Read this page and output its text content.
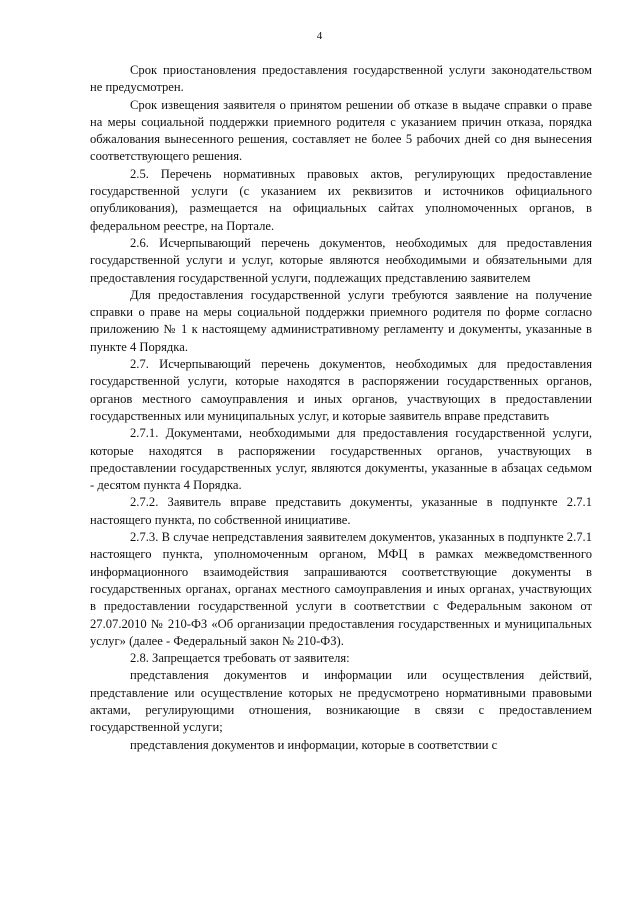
4

Срок приостановления предоставления государственной услуги законодательством не предусмотрен.

Срок извещения заявителя о принятом решении об отказе в выдаче справки о праве на меры социальной поддержки приемного родителя с указанием причин отказа, порядка обжалования вынесенного решения, составляет не более 5 рабочих дней со дня вынесения соответствующего решения.

2.5. Перечень нормативных правовых актов, регулирующих предоставление государственной услуги (с указанием их реквизитов и источников официального опубликования), размещается на официальных сайтах уполномоченных органов, в федеральном реестре, на Портале.

2.6. Исчерпывающий перечень документов, необходимых для предоставления государственной услуги и услуг, которые являются необходимыми и обязательными для предоставления государственной услуги, подлежащих представлению заявителем

Для предоставления государственной услуги требуются заявление на получение справки о праве на меры социальной поддержки приемного родителя по форме согласно приложению № 1 к настоящему административному регламенту и документы, указанные в пункте 4 Порядка.

2.7. Исчерпывающий перечень документов, необходимых для предоставления государственной услуги, которые находятся в распоряжении государственных органов, органов местного самоуправления и иных органов, участвующих в предоставлении государственных или муниципальных услуг, и которые заявитель вправе представить

2.7.1. Документами, необходимыми для предоставления государственной услуги, которые находятся в распоряжении государственных органов, участвующих в предоставлении государственных услуг, являются документы, указанные в абзацах седьмом - десятом пункта 4 Порядка.

2.7.2. Заявитель вправе представить документы, указанные в подпункте 2.7.1 настоящего пункта, по собственной инициативе.

2.7.3. В случае непредставления заявителем документов, указанных в подпункте 2.7.1 настоящего пункта, уполномоченным органом, МФЦ в рамках межведомственного информационного взаимодействия запрашиваются соответствующие документы в государственных органах, органах местного самоуправления и иных органах, участвующих в предоставлении государственной услуги в соответствии с Федеральным законом от 27.07.2010 № 210-ФЗ «Об организации предоставления государственных и муниципальных услуг» (далее - Федеральный закон № 210-ФЗ).

2.8. Запрещается требовать от заявителя:

представления документов и информации или осуществления действий, представление или осуществление которых не предусмотрено нормативными правовыми актами, регулирующими отношения, возникающие в связи с предоставлением государственной услуги;

представления документов и информации, которые в соответствии с
